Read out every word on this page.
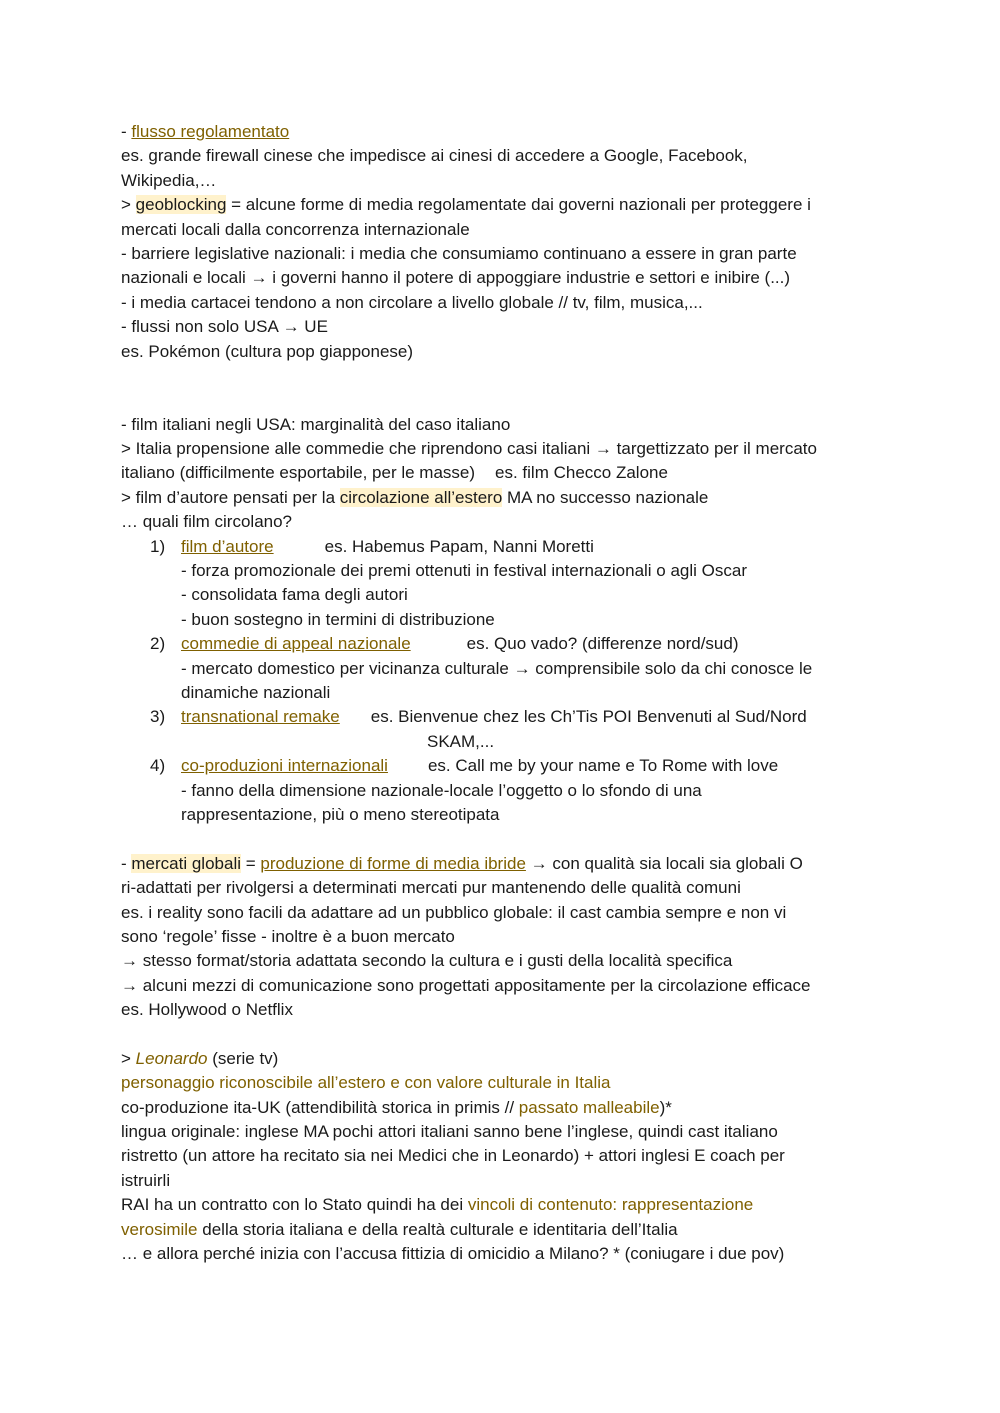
- flusso regolamentato
es. grande firewall cinese che impedisce ai cinesi di accedere a Google, Facebook,
Wikipedia,…
> geoblocking = alcune forme di media regolamentate dai governi nazionali per proteggere i
mercati locali dalla concorrenza internazionale
- barriere legislative nazionali: i media che consumiamo continuano a essere in gran parte
nazionali e locali → i governi hanno il potere di appoggiare industrie e settori e inibire (...)
- i media cartacei tendono a non circolare a livello globale // tv, film, musica,...
- flussi non solo USA → UE
es. Pokémon (cultura pop giapponese)
- film italiani negli USA: marginalità del caso italiano
> Italia propensione alle commedie che riprendono casi italiani → targettizzato per il mercato
italiano (difficilmente esportabile, per le masse) es. film Checco Zalone
> film d’autore pensati per la circolazione all’estero MA no successo nazionale
… quali film circolano?
1) film d’autore	es. Habemus Papam, Nanni Moretti
- forza promozionale dei premi ottenuti in festival internazionali o agli Oscar
- consolidata fama degli autori
- buon sostegno in termini di distribuzione
2) commedie di appeal nazionale	es. Quo vado? (differenze nord/sud)
- mercato domestico per vicinanza culturale → comprensibile solo da chi conosce le
dinamiche nazionali
3) transnational remake es. Bienvenue chez les Ch’Tis POI Benvenuti al Sud/Nord
SKAM,...
4) co-produzioni internazionali es. Call me by your name e To Rome with love
- fanno della dimensione nazionale-locale l’oggetto o lo sfondo di una
rappresentazione, più o meno stereotipata
- mercati globali = produzione di forme di media ibride → con qualità sia locali sia globali O
ri-adattati per rivolgersi a determinati mercati pur mantenendo delle qualità comuni
es. i reality sono facili da adattare ad un pubblico globale: il cast cambia sempre e non vi
sono ‘regole’ fisse - inoltre è a buon mercato
→ stesso format/storia adattata secondo la cultura e i gusti della località specifica
→ alcuni mezzi di comunicazione sono progettati appositamente per la circolazione efficace
es. Hollywood o Netflix
> Leonardo (serie tv)
personaggio riconoscibile all’estero e con valore culturale in Italia
co-produzione ita-UK (attendibilità storica in primis // passato malleabile)*
lingua originale: inglese MA pochi attori italiani sanno bene l’inglese, quindi cast italiano
ristretto (un attore ha recitato sia nei Medici che in Leonardo) + attori inglesi E coach per
istruirli
RAI ha un contratto con lo Stato quindi ha dei vincoli di contenuto: rappresentazione
verosimile della storia italiana e della realtà culturale e identitaria dell’Italia
… e allora perché inizia con l’accusa fittizia di omicidio a Milano? * (coniugare i due pov)
